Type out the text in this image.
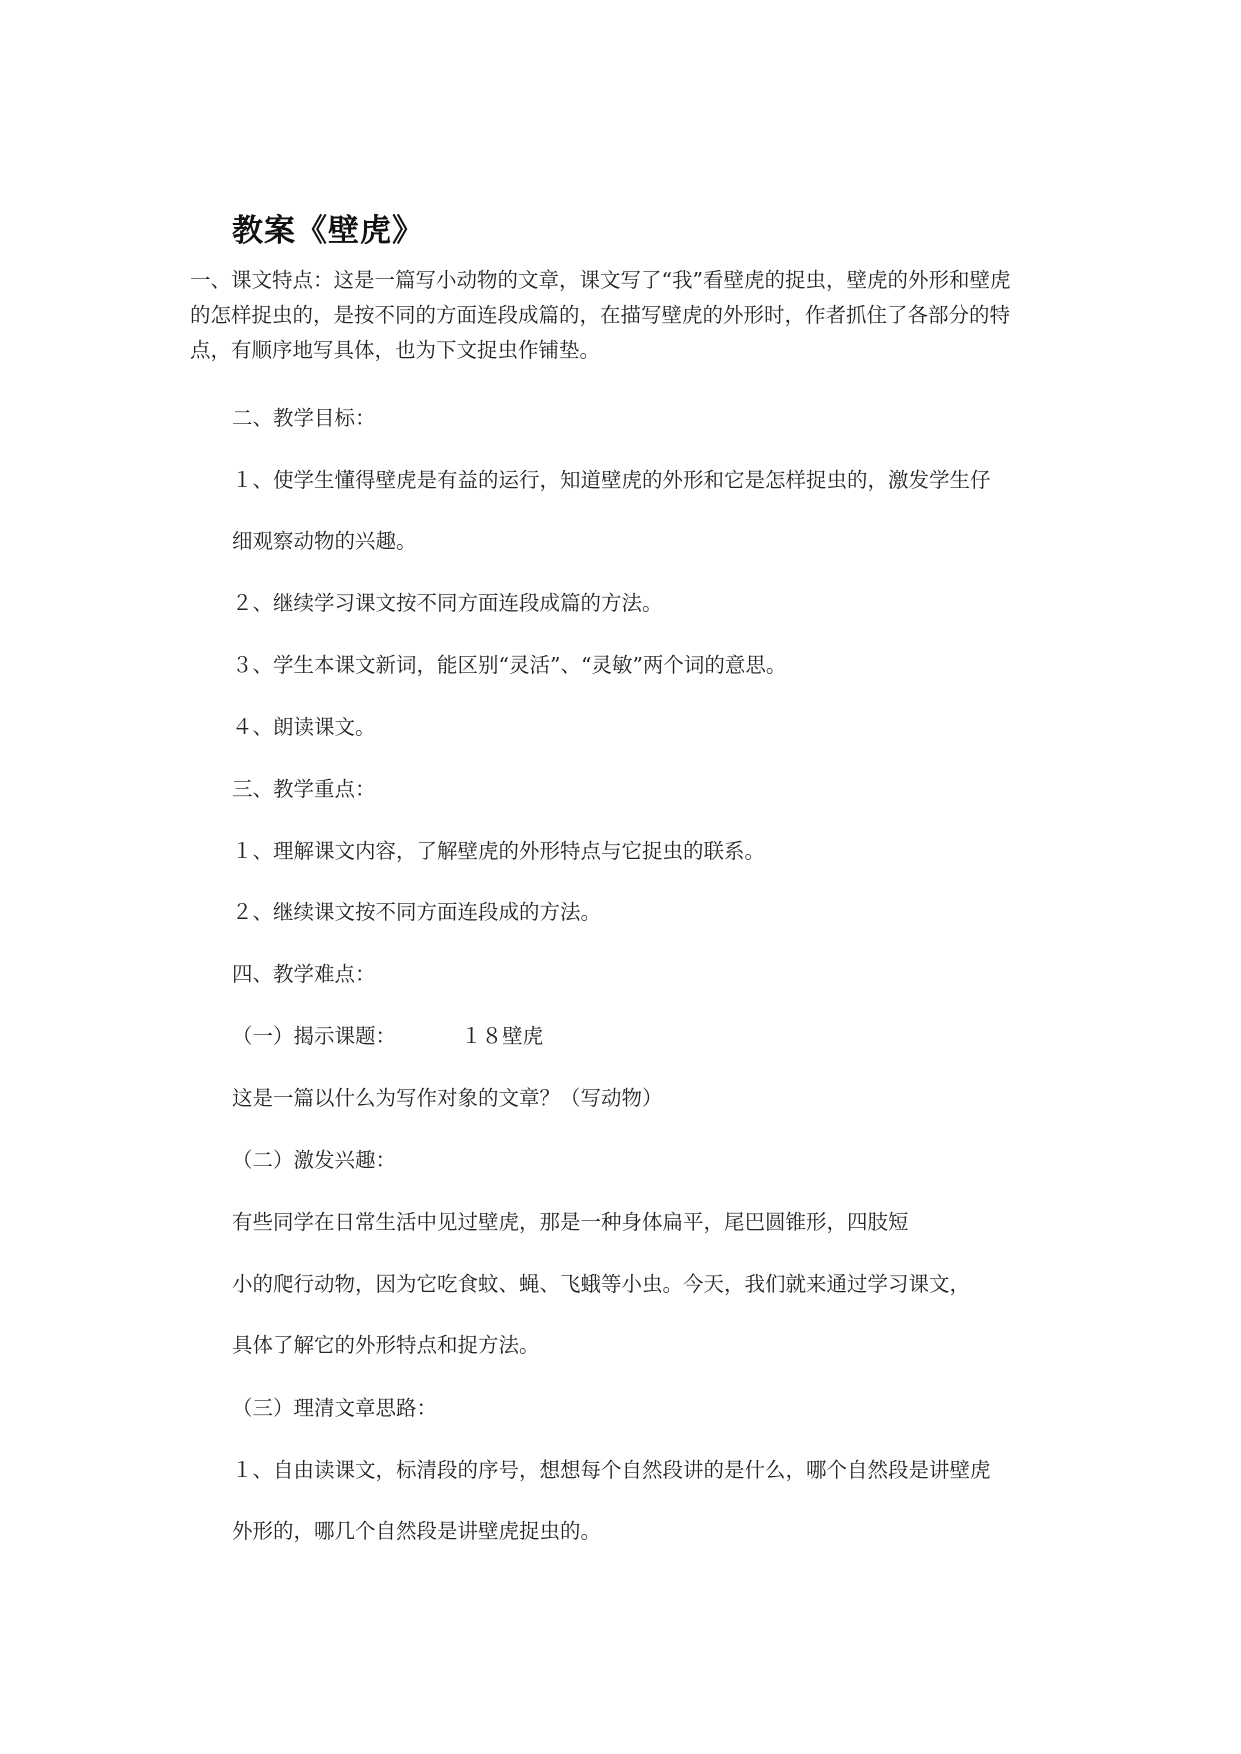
教案《壁虎》

一、课文特点：这是一篇写小动物的文章，课文写了“我”看壁虎的捉虫，壁虎的外形和壁虎

的怎样捉虫的，是按不同的方面连段成篇的，在描写壁虎的外形时，作者抓住了各部分的特

点，有顺序地写具体，也为下文捉虫作铺垫。

二、教学目标：
１、使学生懂得壁虎是有益的运行，知道壁虎的外形和它是怎样捉虫的，激发学生仔
细观察动物的兴趣。
２、继续学习课文按不同方面连段成篇的方法。
３、学生本课文新词，能区别“灵活”、“灵敏”两个词的意思。
４、朗读课文。
三、教学重点：
１、理解课文内容，了解壁虎的外形特点与它捉虫的联系。
２、继续课文按不同方面连段成的方法。
四、教学难点：
（一）揭示课题：          １８壁虎
这是一篇以什么为写作对象的文章？（写动物）
（二）激发兴趣：
有些同学在日常生活中见过壁虎，那是一种身体扁平，尾巴圆锥形，四肢短
小的爬行动物，因为它吃食蚊、蝇、飞蛾等小虫。今天，我们就来通过学习课文，
具体了解它的外形特点和捉方法。
（三）理清文章思路：
１、自由读课文，标清段的序号，想想每个自然段讲的是什么，哪个自然段是讲壁虎
外形的，哪几个自然段是讲壁虎捉虫的。
